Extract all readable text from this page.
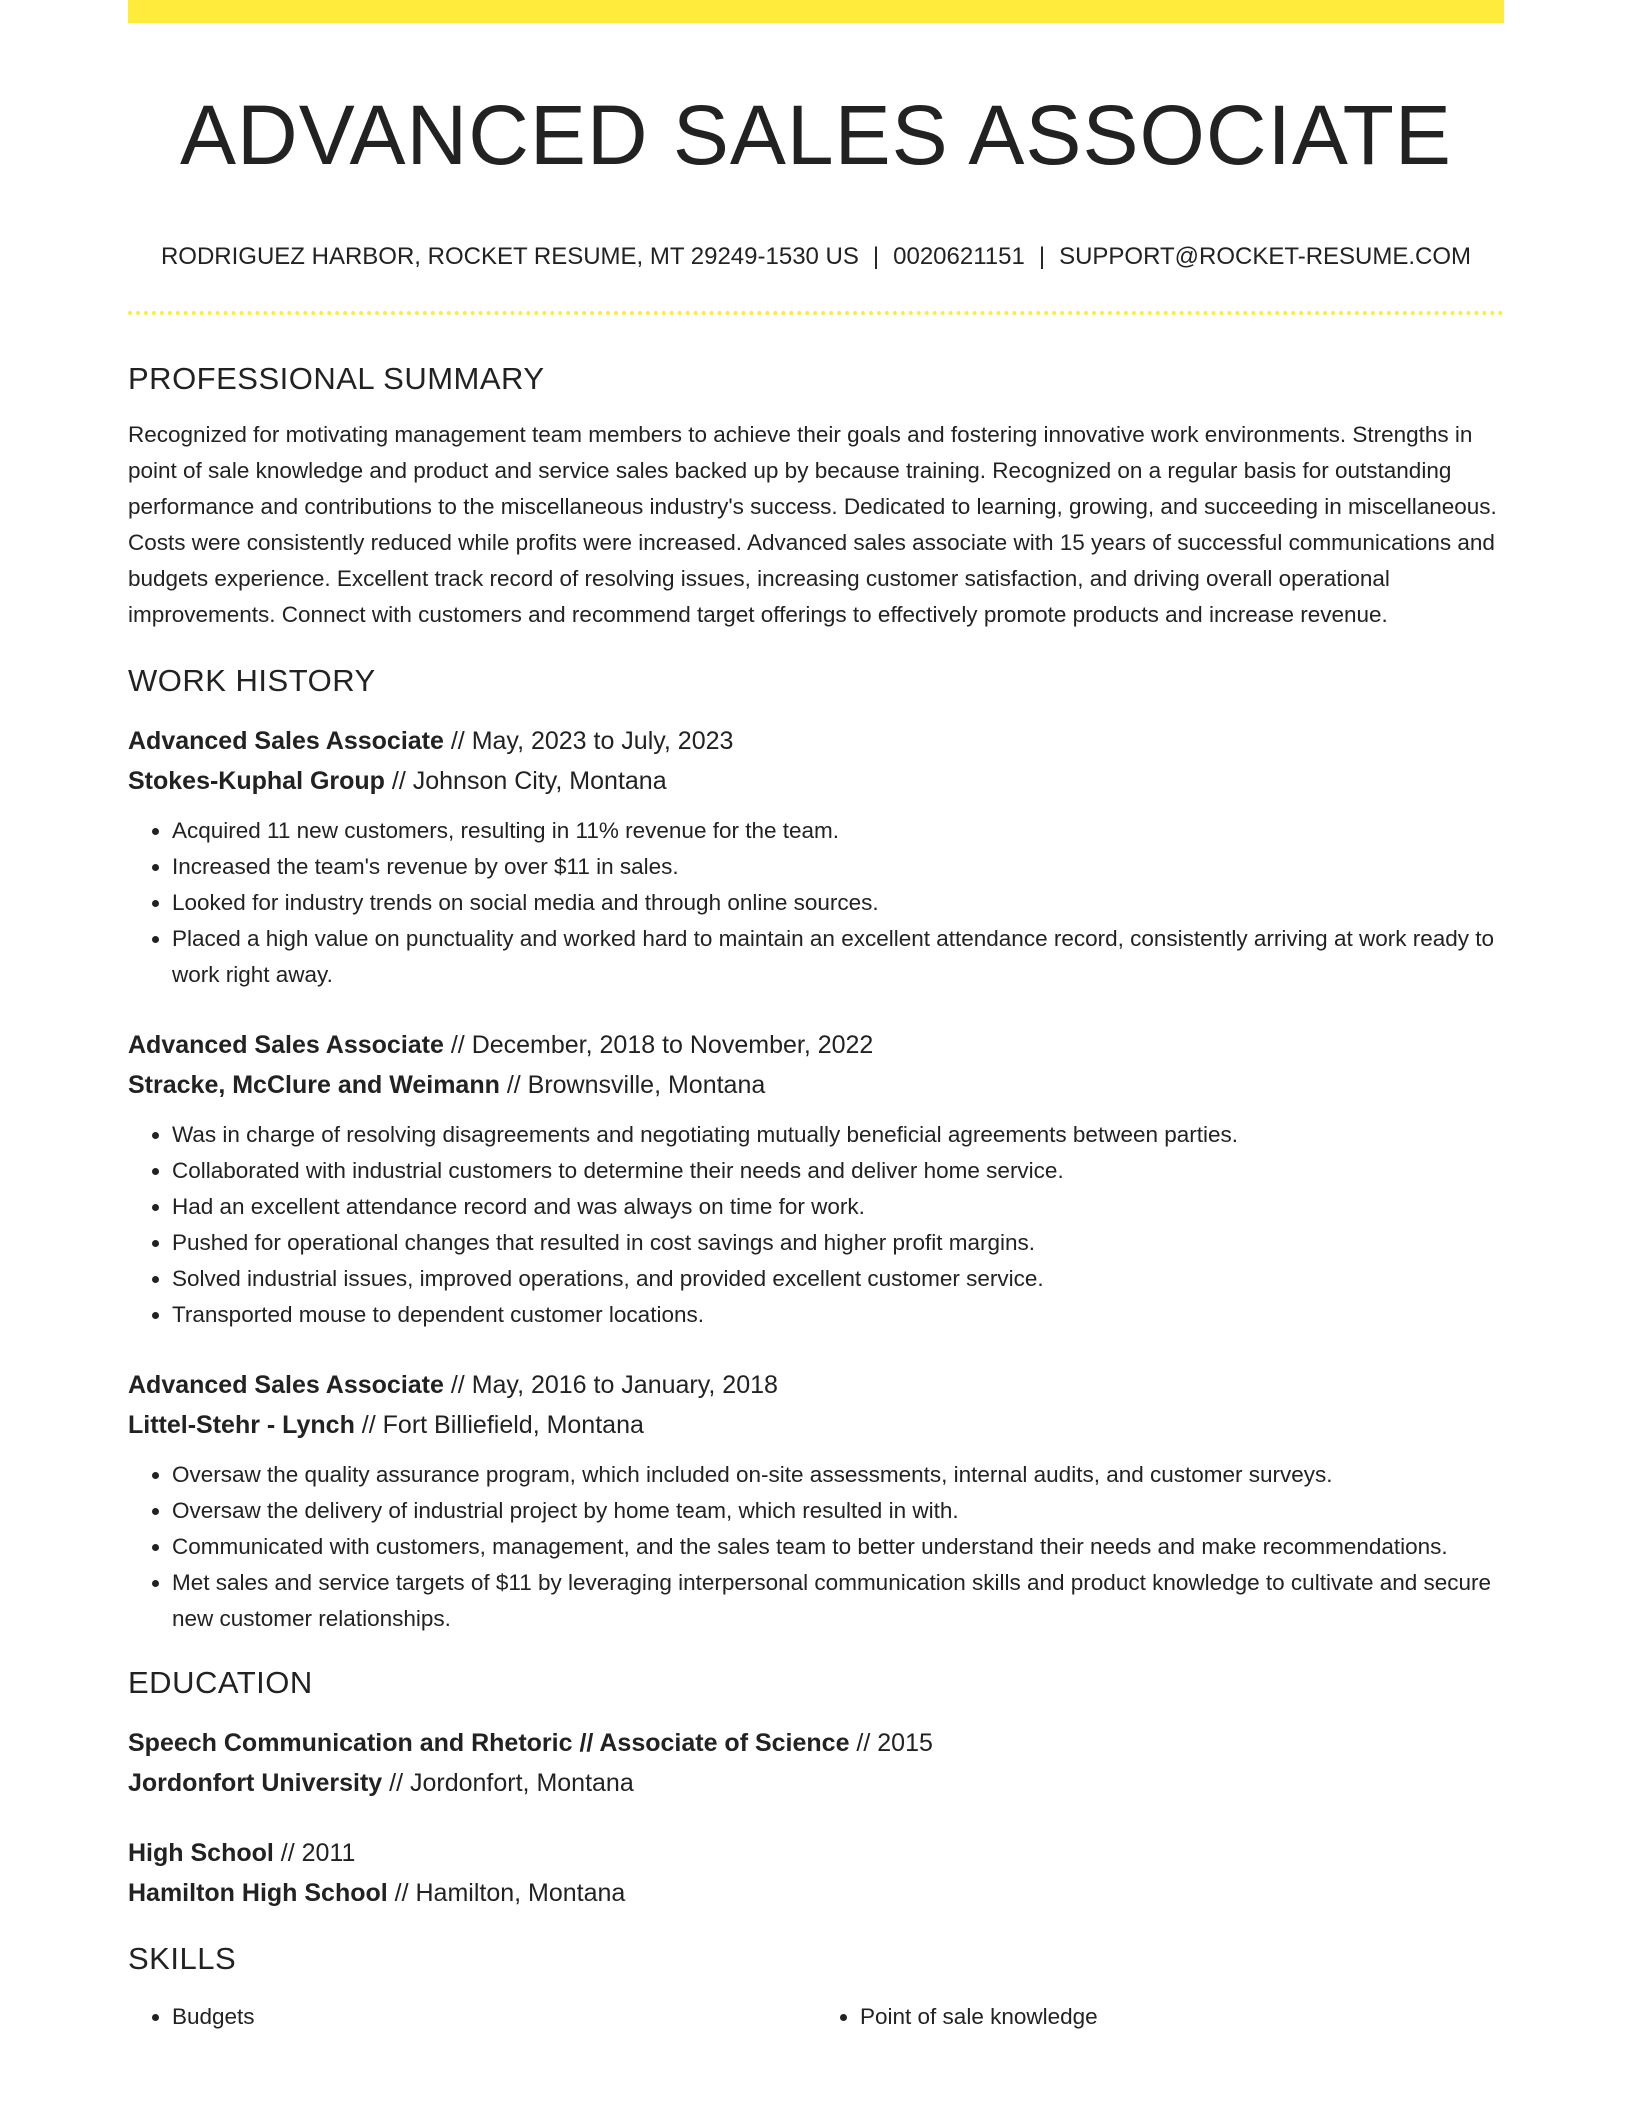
ADVANCED SALES ASSOCIATE
RODRIGUEZ HARBOR, ROCKET RESUME, MT 29249-1530 US | 0020621151 | SUPPORT@ROCKET-RESUME.COM
PROFESSIONAL SUMMARY

Recognized for motivating management team members to achieve their goals and fostering innovative work environments. Strengths in point of sale knowledge and product and service sales backed up by because training. Recognized on a regular basis for outstanding performance and contributions to the miscellaneous industry's success. Dedicated to learning, growing, and succeeding in miscellaneous. Costs were consistently reduced while profits were increased. Advanced sales associate with 15 years of successful communications and budgets experience. Excellent track record of resolving issues, increasing customer satisfaction, and driving overall operational improvements. Connect with customers and recommend target offerings to effectively promote products and increase revenue.

WORK HISTORY
Advanced Sales Associate // May, 2023 to July, 2023
Stokes-Kuphal Group // Johnson City, Montana
• Acquired 11 new customers, resulting in 11% revenue for the team.
• Increased the team's revenue by over $11 in sales.
• Looked for industry trends on social media and through online sources.
• Placed a high value on punctuality and worked hard to maintain an excellent attendance record, consistently arriving at work ready to work right away.
Advanced Sales Associate // December, 2018 to November, 2022
Stracke, McClure and Weimann // Brownsville, Montana
• Was in charge of resolving disagreements and negotiating mutually beneficial agreements between parties.
• Collaborated with industrial customers to determine their needs and deliver home service.
• Had an excellent attendance record and was always on time for work.
• Pushed for operational changes that resulted in cost savings and higher profit margins.
• Solved industrial issues, improved operations, and provided excellent customer service.
• Transported mouse to dependent customer locations.
Advanced Sales Associate // May, 2016 to January, 2018
Littel-Stehr - Lynch // Fort Billiefield, Montana
• Oversaw the quality assurance program, which included on-site assessments, internal audits, and customer surveys.
• Oversaw the delivery of industrial project by home team, which resulted in with.
• Communicated with customers, management, and the sales team to better understand their needs and make recommendations.
• Met sales and service targets of $11 by leveraging interpersonal communication skills and product knowledge to cultivate and secure new customer relationships.
EDUCATION
Speech Communication and Rhetoric // Associate of Science // 2015
Jordonfort University // Jordonfort, Montana
High School // 2011
Hamilton High School // Hamilton, Montana
SKILLS
• Budgets
•	Point of sale knowledge
